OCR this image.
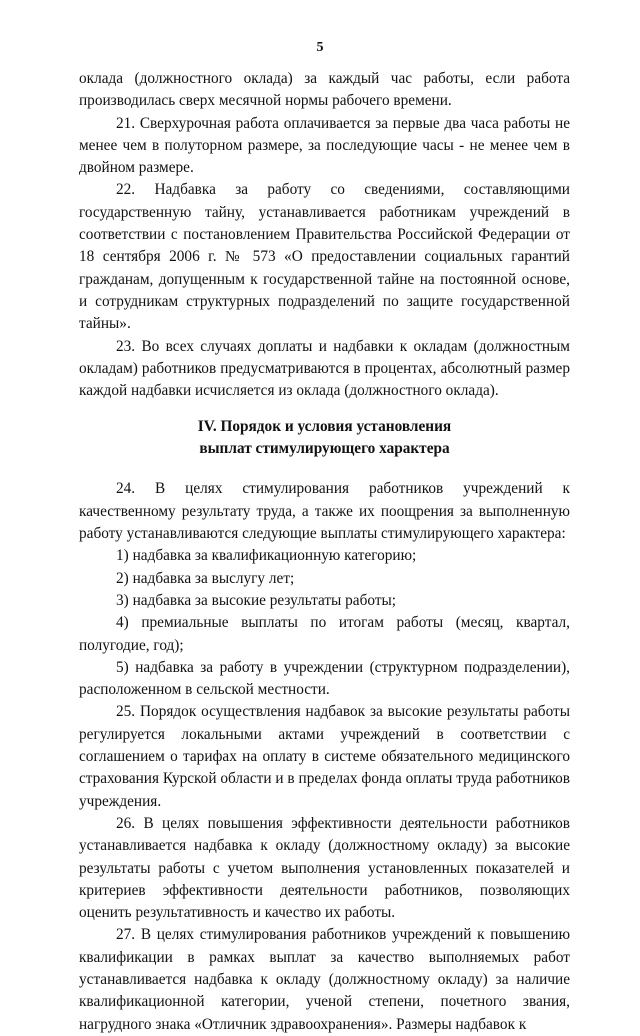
5

оклада (должностного оклада) за каждый час работы, если работа производилась сверх месячной нормы рабочего времени.

21. Сверхурочная работа оплачивается за первые два часа работы не менее чем в полуторном размере, за последующие часы - не менее чем в двойном размере.

22. Надбавка за работу со сведениями, составляющими государственную тайну, устанавливается работникам учреждений в соответствии с постановлением Правительства Российской Федерации от 18 сентября 2006 г. № 573 «О предоставлении социальных гарантий гражданам, допущенным к государственной тайне на постоянной основе, и сотрудникам структурных подразделений по защите государственной тайны».

23. Во всех случаях доплаты и надбавки к окладам (должностным окладам) работников предусматриваются в процентах, абсолютный размер каждой надбавки исчисляется из оклада (должностного оклада).

IV. Порядок и условия установления
выплат стимулирующего характера

24. В целях стимулирования работников учреждений к качественному результату труда, а также их поощрения за выполненную работу устанавливаются следующие выплаты стимулирующего характера:

1) надбавка за квалификационную категорию;

2) надбавка за выслугу лет;

3) надбавка за высокие результаты работы;

4) премиальные выплаты по итогам работы (месяц, квартал, полугодие, год);

5) надбавка за работу в учреждении (структурном подразделении), расположенном в сельской местности.

25. Порядок осуществления надбавок за высокие результаты работы регулируется локальными актами учреждений в соответствии с соглашением о тарифах на оплату в системе обязательного медицинского страхования Курской области и в пределах фонда оплаты труда работников учреждения.

26. В целях повышения эффективности деятельности работников устанавливается надбавка к окладу (должностному окладу) за высокие результаты работы с учетом выполнения установленных показателей и критериев эффективности деятельности работников, позволяющих оценить результативность и качество их работы.

27. В целях стимулирования работников учреждений к повышению квалификации в рамках выплат за качество выполняемых работ устанавливается надбавка к окладу (должностному окладу) за наличие квалификационной категории, ученой степени, почетного звания, нагрудного знака «Отличник здравоохранения». Размеры надбавок к
